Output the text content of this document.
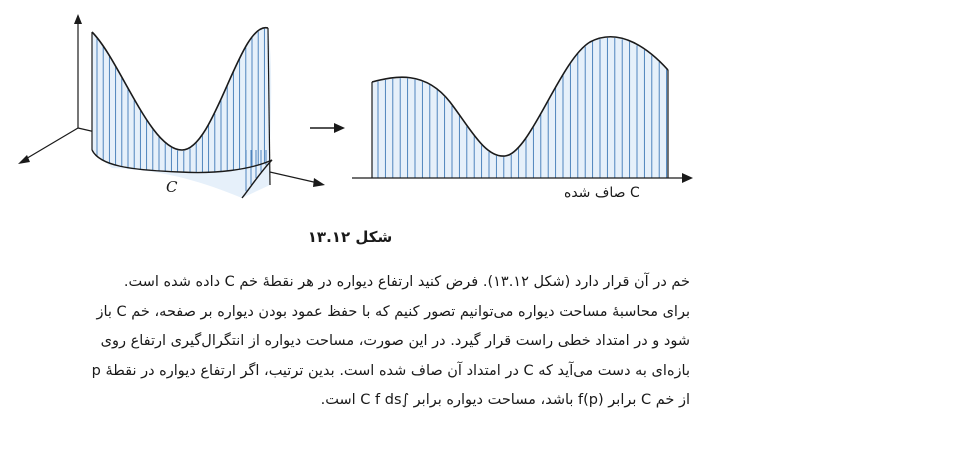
C	C صاف شده
شکل ۱۳.۱۲

خم در آن قرار دارد (شکل ۱۳.۱۲). فرض کنید ارتفاع دیواره در هر نقطهٔ خم C داده شده است.

برای محاسبهٔ مساحت دیواره می‌توانیم تصور کنیم که با حفظ عمود بودن دیواره بر صفحه، خم C باز

شود و در امتداد خطی راست قرار گیرد. در این صورت، مساحت دیواره از انتگرال‌گیری ارتفاع روی

بازه‌ای به دست می‌آید که C در امتداد آن صاف شده است. بدین ترتیب، اگر ارتفاع دیواره در نقطهٔ p

از خم C برابر f(p) باشد، مساحت دیواره برابر ∫C f ds است.
